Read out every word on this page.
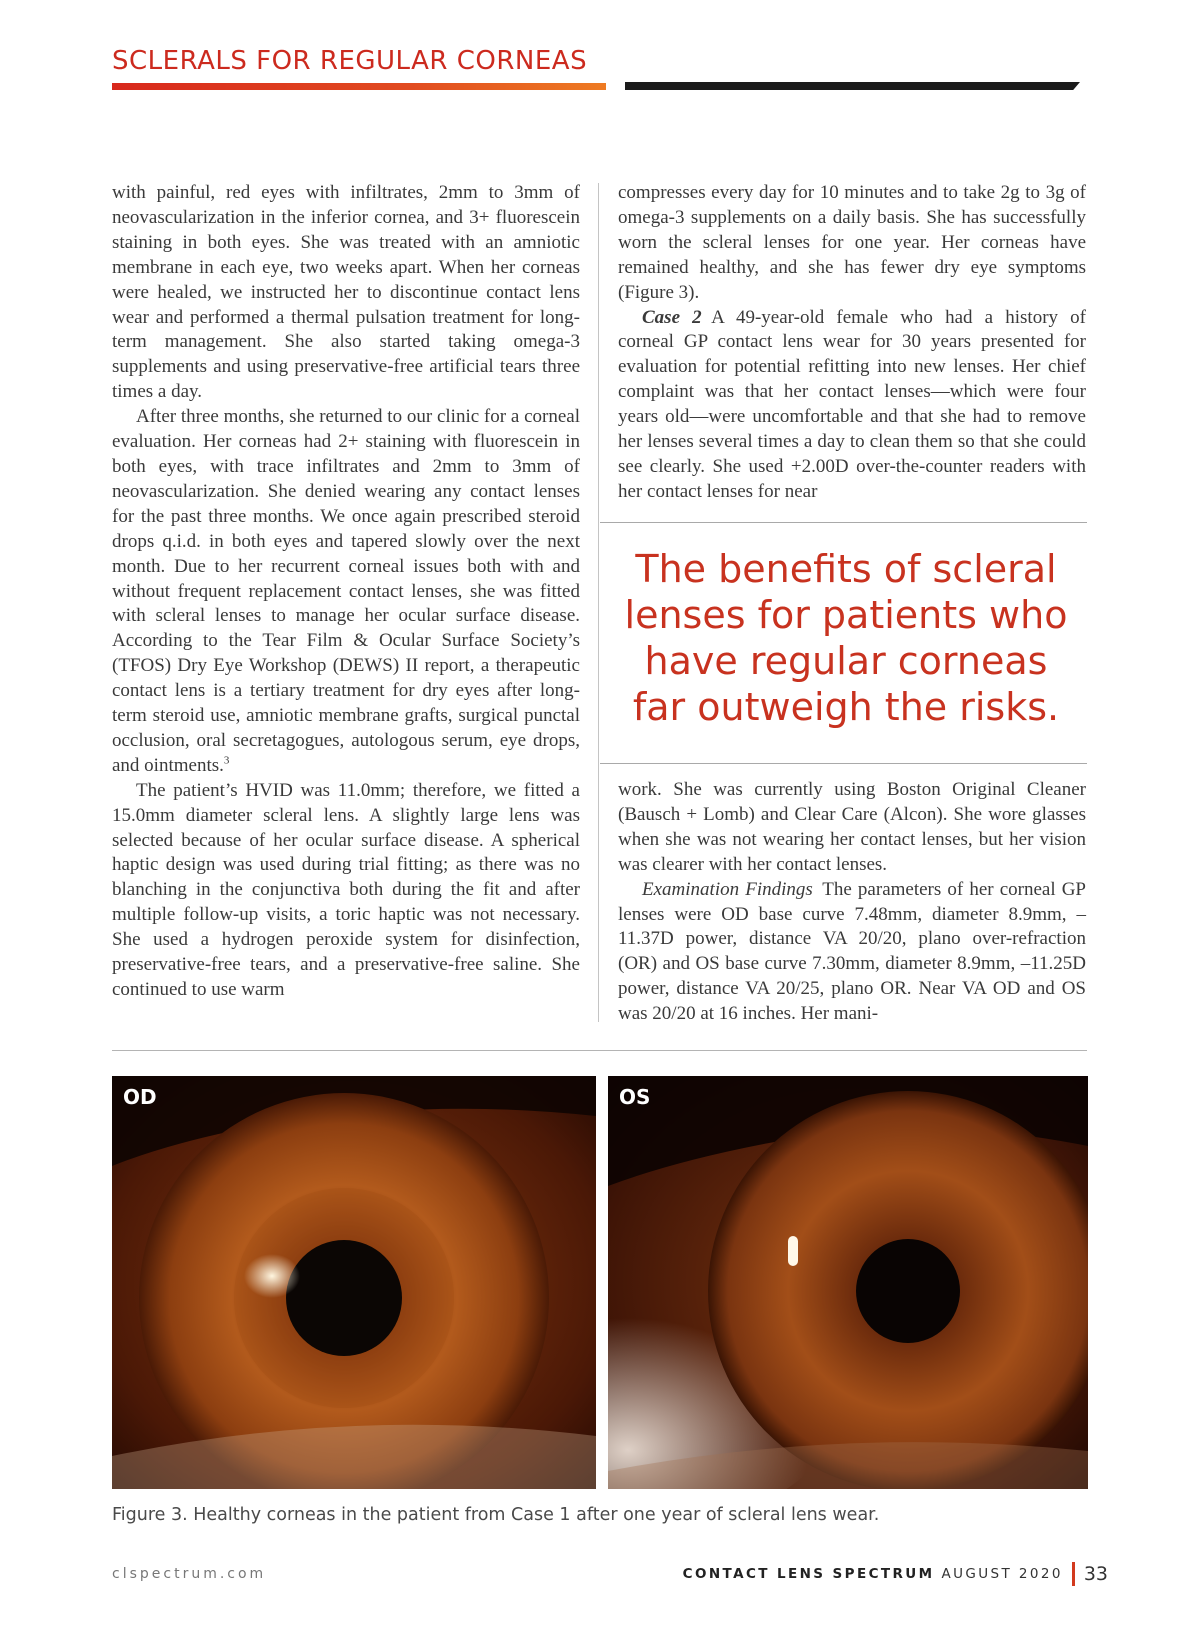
SCLERALS FOR REGULAR CORNEAS

with painful, red eyes with infiltrates, 2mm to 3mm of neovascularization in the inferior cornea, and 3+ fluorescein staining in both eyes. She was treated with an amniotic membrane in each eye, two weeks apart. When her corneas were healed, we instructed her to discontinue contact lens wear and performed a thermal pulsation treatment for long-term management. She also started taking omega-3 supplements and using preservative-free artificial tears three times a day.

After three months, she returned to our clinic for a corneal evaluation. Her corneas had 2+ staining with fluorescein in both eyes, with trace infiltrates and 2mm to 3mm of neovascularization. She denied wearing any contact lenses for the past three months. We once again prescribed steroid drops q.i.d. in both eyes and tapered slowly over the next month. Due to her recurrent corneal issues both with and without frequent replacement contact lenses, she was fitted with scleral lenses to manage her ocular surface disease. According to the Tear Film & Ocular Surface Society’s (TFOS) Dry Eye Workshop (DEWS) II report, a therapeutic contact lens is a tertiary treatment for dry eyes after long-term steroid use, amniotic membrane grafts, surgical punctal occlusion, oral secretagogues, autologous serum, eye drops, and ointments.$^3$

The patient’s HVID was 11.0mm; therefore, we fitted a 15.0mm diameter scleral lens. A slightly large lens was selected because of her ocular surface disease. A spherical haptic design was used during trial fitting; as there was no blanching in the conjunctiva both during the fit and after multiple follow-up visits, a toric haptic was not necessary. She used a hydrogen peroxide system for disinfection, preservative-free tears, and a preservative-free saline. She continued to use warm

compresses every day for 10 minutes and to take 2g to 3g of omega-3 supplements on a daily basis. She has successfully worn the scleral lenses for one year. Her corneas have remained healthy, and she has fewer dry eye symptoms (Figure 3).

Case 2  A 49-year-old female who had a history of corneal GP contact lens wear for 30 years presented for evaluation for potential refitting into new lenses. Her chief complaint was that her contact lenses—which were four years old—were uncomfortable and that she had to remove her lenses several times a day to clean them so that she could see clearly. She used +2.00D over-the-counter readers with her contact lenses for near

The benefits of scleral lenses for patients who have regular corneas far outweigh the risks.

work. She was currently using Boston Original Cleaner (Bausch + Lomb) and Clear Care (Alcon). She wore glasses when she was not wearing her contact lenses, but her vision was clearer with her contact lenses.

Examination Findings  The parameters of her corneal GP lenses were OD base curve 7.48mm, diameter 8.9mm, –11.37D power, distance VA 20/20, plano over-refraction (OR) and OS base curve 7.30mm, diameter 8.9mm, –11.25D power, distance VA 20/25, plano OR. Near VA OD and OS was 20/20 at 16 inches. Her mani-

OD	OS
Figure 3. Healthy corneas in the patient from Case 1 after one year of scleral lens wear.
clspectrum.com	CONTACT LENS SPECTRUM AUGUST 2020 33
